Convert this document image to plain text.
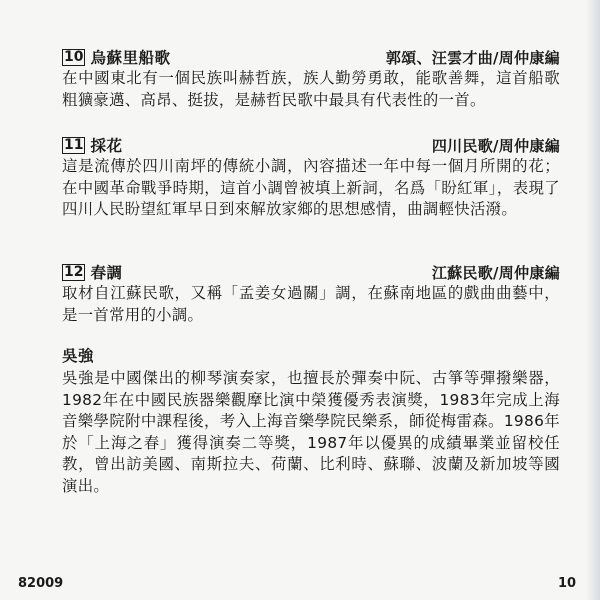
10 烏蘇里船歌	郭頌、汪雲才曲/周仲康編

在中國東北有一個民族叫赫哲族，族人勤勞勇敢，能歌善舞，這首船歌粗獷豪邁、高昂、挺拔，是赫哲民歌中最具有代表性的一首。

11 採花	四川民歌/周仲康編

這是流傳於四川南坪的傳統小調，內容描述一年中每一個月所開的花；在中國革命戰爭時期，這首小調曾被填上新詞，名爲「盼紅軍」，表現了四川人民盼望紅軍早日到來解放家鄉的思想感情，曲調輕快活潑。

12 春調	江蘇民歌/周仲康編

取材自江蘇民歌，又稱「孟姜女過關」調，在蘇南地區的戲曲曲藝中，是一首常用的小調。

吳強

吳強是中國傑出的柳琴演奏家，也擅長於彈奏中阮、古箏等彈撥樂器，1982年在中國民族器樂觀摩比演中榮獲優秀表演獎，1983年完成上海音樂學院附中課程後，考入上海音樂學院民樂系，師從梅雷森。1986年於「上海之春」獲得演奏二等獎，1987年以優異的成績畢業並留校任教，曾出訪美國、南斯拉夫、荷蘭、比利時、蘇聯、波蘭及新加坡等國演出。

82009	10
